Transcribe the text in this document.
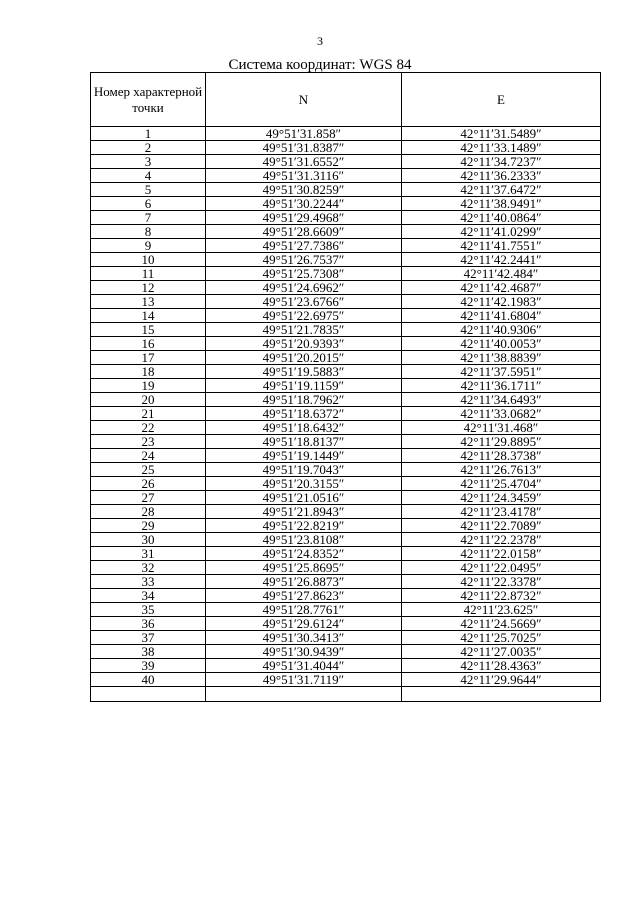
3
Система координат: WGS 84
Номер характерной точки	N	E
1	49°51′31.858″	42°11′31.5489″
2	49°51′31.8387″	42°11′33.1489″
3	49°51′31.6552″	42°11′34.7237″
4	49°51′31.3116″	42°11′36.2333″
5	49°51′30.8259″	42°11′37.6472″
6	49°51′30.2244″	42°11′38.9491″
7	49°51′29.4968″	42°11′40.0864″
8	49°51′28.6609″	42°11′41.0299″
9	49°51′27.7386″	42°11′41.7551″
10	49°51′26.7537″	42°11′42.2441″
11	49°51′25.7308″	42°11′42.484″
12	49°51′24.6962″	42°11′42.4687″
13	49°51′23.6766″	42°11′42.1983″
14	49°51′22.6975″	42°11′41.6804″
15	49°51′21.7835″	42°11′40.9306″
16	49°51′20.9393″	42°11′40.0053″
17	49°51′20.2015″	42°11′38.8839″
18	49°51′19.5883″	42°11′37.5951″
19	49°51′19.1159″	42°11′36.1711″
20	49°51′18.7962″	42°11′34.6493″
21	49°51′18.6372″	42°11′33.0682″
22	49°51′18.6432″	42°11′31.468″
23	49°51′18.8137″	42°11′29.8895″
24	49°51′19.1449″	42°11′28.3738″
25	49°51′19.7043″	42°11′26.7613″
26	49°51′20.3155″	42°11′25.4704″
27	49°51′21.0516″	42°11′24.3459″
28	49°51′21.8943″	42°11′23.4178″
29	49°51′22.8219″	42°11′22.7089″
30	49°51′23.8108″	42°11′22.2378″
31	49°51′24.8352″	42°11′22.0158″
32	49°51′25.8695″	42°11′22.0495″
33	49°51′26.8873″	42°11′22.3378″
34	49°51′27.8623″	42°11′22.8732″
35	49°51′28.7761″	42°11′23.625″
36	49°51′29.6124″	42°11′24.5669″
37	49°51′30.3413″	42°11′25.7025″
38	49°51′30.9439″	42°11′27.0035″
39	49°51′31.4044″	42°11′28.4363″
40	49°51′31.7119″	42°11′29.9644″
